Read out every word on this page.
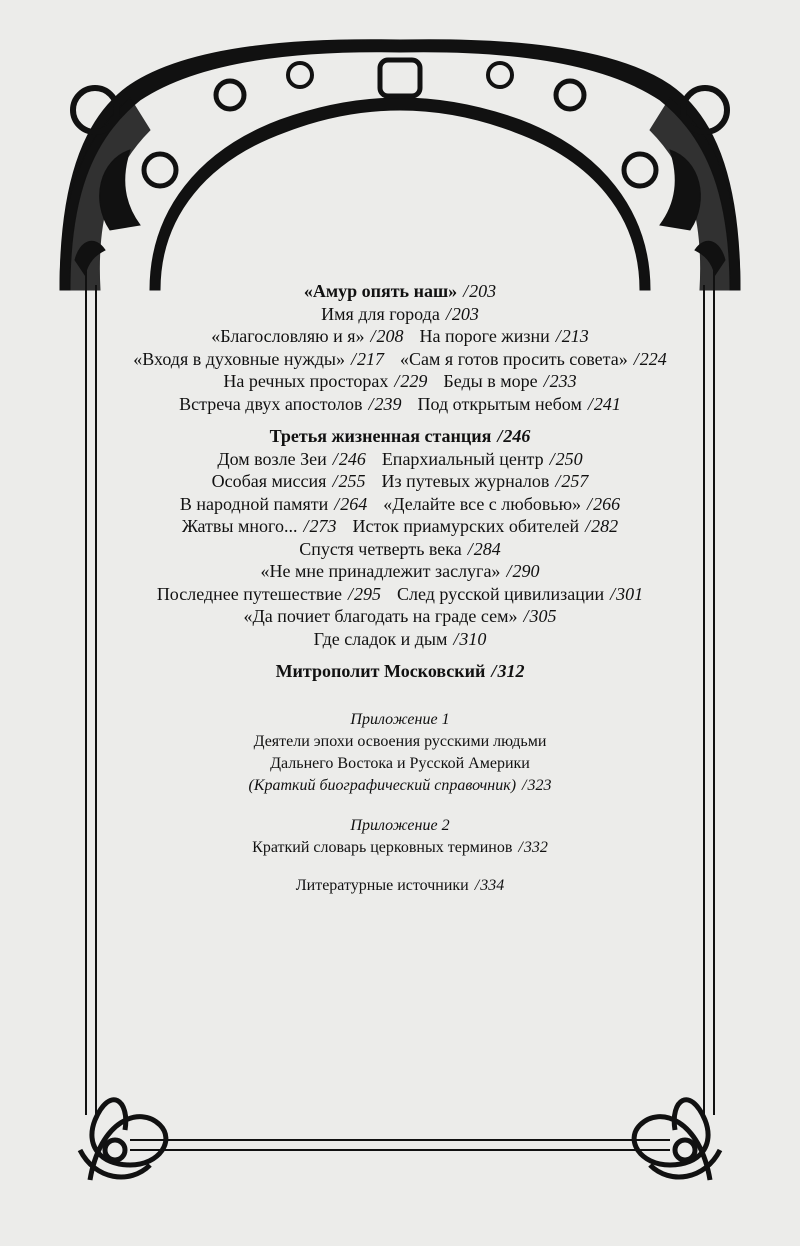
«Амур опять наш» / 203
Имя для города / 203
«Благословляю и я» / 208 На пороге жизни / 213
«Входя в духовные нужды» / 217 «Сам я готов просить совета» / 224
На речных просторах / 229 Беды в море / 233
Встреча двух апостолов / 239 Под открытым небом / 241
Третья жизненная станция / 246
Дом возле Зеи / 246 Епархиальный центр / 250
Особая миссия / 255 Из путевых журналов / 257
В народной памяти / 264 «Делайте все с любовью» / 266
Жатвы много... / 273 Исток приамурских обителей / 282
Спустя четверть века / 284
«Не мне принадлежит заслуга» / 290
Последнее путешествие / 295 След русской цивилизации / 301
«Да почиет благодать на граде сем» / 305
Где сладок и дым / 310
Митрополит Московский / 312
Приложение 1
Деятели эпохи освоения русскими людьми
Дальнего Востока и Русской Америки
(Краткий биографический справочник) / 323
Приложение 2
Краткий словарь церковных терминов / 332
Литературные источники / 334
